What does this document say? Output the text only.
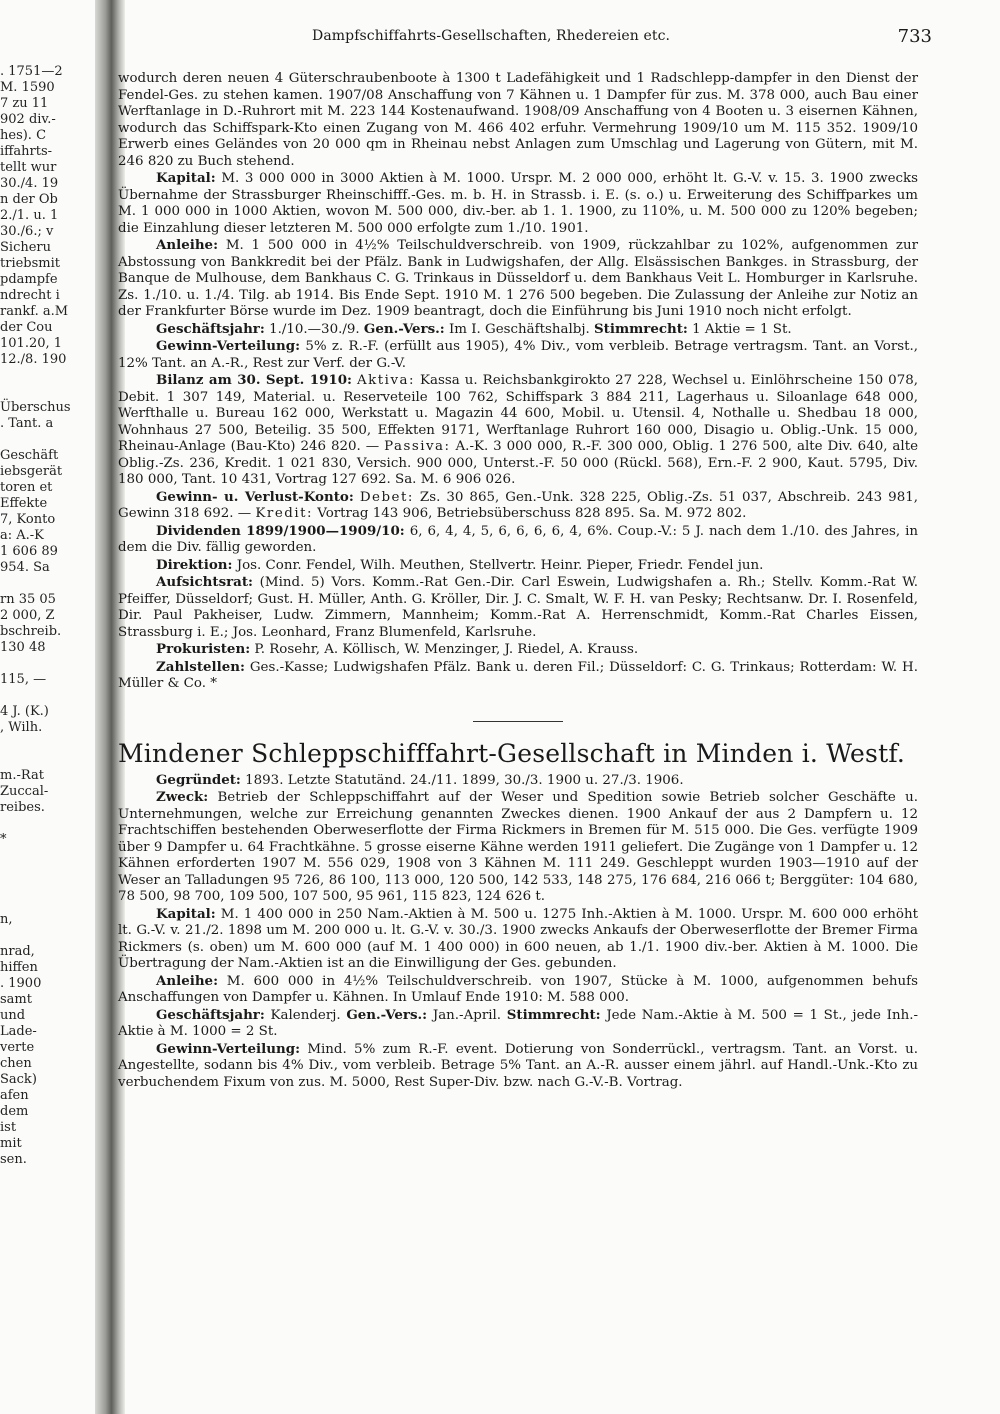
. 1751—2
M. 1590
7 zu 11
902 div.-
hes). C
iffahrts-
tellt wur
30./4. 19
n der Ob
2./1. u. 1
30./6.; v
Sicheru
triebsmit
pdampfe
ndrecht i
rankf. a.M
der Cou
101.20, 1
12./8. 190
Überschus
. Tant. a
Geschäft
iebsgerät
toren et
Effekte
7, Konto
a: A.-K
1 606 89
954. Sa
rn 35 05
2 000, Z
bschreib.
130 48
115, —
4 J. (K.)
, Wilh.
m.-Rat
Zuccal-
reibes.
*
n,
nrad,
hiffen
. 1900
samt
und
Lade-
verte
chen
Sack)
afen
dem
ist
mit
sen.
Dampfschiffahrts-Gesellschaften, Rhedereien etc.	733

wodurch deren neuen 4 Güterschraubenboote à 1300 t Ladefähigkeit und 1 Radschlepp-dampfer in den Dienst der Fendel-Ges. zu stehen kamen. 1907/08 Anschaffung von 7 Kähnen u. 1 Dampfer für zus. M. 378 000, auch Bau einer Werftanlage in D.-Ruhrort mit M. 223 144 Kostenaufwand. 1908/09 Anschaffung von 4 Booten u. 3 eisernen Kähnen, wodurch das Schiffspark-Kto einen Zugang von M. 466 402 erfuhr. Vermehrung 1909/10 um M. 115 352. 1909/10 Erwerb eines Geländes von 20 000 qm in Rheinau nebst Anlagen zum Umschlag und Lagerung von Gütern, mit M. 246 820 zu Buch stehend.

Kapital: M. 3 000 000 in 3000 Aktien à M. 1000. Urspr. M. 2 000 000, erhöht lt. G.-V. v. 15. 3. 1900 zwecks Übernahme der Strassburger Rheinschifff.-Ges. m. b. H. in Strassb. i. E. (s. o.) u. Erweiterung des Schiffparkes um M. 1 000 000 in 1000 Aktien, wovon M. 500 000, div.-ber. ab 1. 1. 1900, zu 110%, u. M. 500 000 zu 120% begeben; die Einzahlung dieser letzteren M. 500 000 erfolgte zum 1./10. 1901.

Anleihe: M. 1 500 000 in 4½% Teilschuldverschreib. von 1909, rückzahlbar zu 102%, aufgenommen zur Abstossung von Bankkredit bei der Pfälz. Bank in Ludwigshafen, der Allg. Elsässischen Bankges. in Strassburg, der Banque de Mulhouse, dem Bankhaus C. G. Trinkaus in Düsseldorf u. dem Bankhaus Veit L. Homburger in Karlsruhe. Zs. 1./10. u. 1./4. Tilg. ab 1914. Bis Ende Sept. 1910 M. 1 276 500 begeben. Die Zulassung der Anleihe zur Notiz an der Frankfurter Börse wurde im Dez. 1909 beantragt, doch die Einführung bis Juni 1910 noch nicht erfolgt.

Geschäftsjahr: 1./10.—30./9. Gen.-Vers.: Im I. Geschäftshalbj. Stimmrecht: 1 Aktie = 1 St.

Gewinn-Verteilung: 5% z. R.-F. (erfüllt aus 1905), 4% Div., vom verbleib. Betrage vertragsm. Tant. an Vorst., 12% Tant. an A.-R., Rest zur Verf. der G.-V.

Bilanz am 30. Sept. 1910: Aktiva: Kassa u. Reichsbankgirokto 27 228, Wechsel u. Einlöhrscheine 150 078, Debit. 1 307 149, Material. u. Reserveteile 100 762, Schiffspark 3 884 211, Lagerhaus u. Siloanlage 648 000, Werfthalle u. Bureau 162 000, Werkstatt u. Magazin 44 600, Mobil. u. Utensil. 4, Nothalle u. Shedbau 18 000, Wohnhaus 27 500, Beteilig. 35 500, Effekten 9171, Werftanlage Ruhrort 160 000, Disagio u. Oblig.-Unk. 15 000, Rheinau-Anlage (Bau-Kto) 246 820. — Passiva: A.-K. 3 000 000, R.-F. 300 000, Oblig. 1 276 500, alte Div. 640, alte Oblig.-Zs. 236, Kredit. 1 021 830, Versich. 900 000, Unterst.-F. 50 000 (Rückl. 568), Ern.-F. 2 900, Kaut. 5795, Div. 180 000, Tant. 10 431, Vortrag 127 692. Sa. M. 6 906 026.

Gewinn- u. Verlust-Konto: Debet: Zs. 30 865, Gen.-Unk. 328 225, Oblig.-Zs. 51 037, Abschreib. 243 981, Gewinn 318 692. — Kredit: Vortrag 143 906, Betriebsüberschuss 828 895. Sa. M. 972 802.

Dividenden 1899/1900—1909/10: 6, 6, 4, 4, 5, 6, 6, 6, 6, 4, 6%. Coup.-V.: 5 J. nach dem 1./10. des Jahres, in dem die Div. fällig geworden.

Direktion: Jos. Conr. Fendel, Wilh. Meuthen, Stellvertr. Heinr. Pieper, Friedr. Fendel jun.

Aufsichtsrat: (Mind. 5) Vors. Komm.-Rat Gen.-Dir. Carl Eswein, Ludwigshafen a. Rh.; Stellv. Komm.-Rat W. Pfeiffer, Düsseldorf; Gust. H. Müller, Anth. G. Kröller, Dir. J. C. Smalt, W. F. H. van Pesky; Rechtsanw. Dr. I. Rosenfeld, Dir. Paul Pakheiser, Ludw. Zimmern, Mannheim; Komm.-Rat A. Herrenschmidt, Komm.-Rat Charles Eissen, Strassburg i. E.; Jos. Leonhard, Franz Blumenfeld, Karlsruhe.

Prokuristen: P. Rosehr, A. Köllisch, W. Menzinger, J. Riedel, A. Krauss.

Zahlstellen: Ges.-Kasse; Ludwigshafen Pfälz. Bank u. deren Fil.; Düsseldorf: C. G. Trinkaus; Rotterdam: W. H. Müller & Co. *

Mindener Schleppschifffahrt-Gesellschaft in Minden i. Westf.

Gegründet: 1893. Letzte Statutänd. 24./11. 1899, 30./3. 1900 u. 27./3. 1906.

Zweck: Betrieb der Schleppschiffahrt auf der Weser und Spedition sowie Betrieb solcher Geschäfte u. Unternehmungen, welche zur Erreichung genannten Zweckes dienen. 1900 Ankauf der aus 2 Dampfern u. 12 Frachtschiffen bestehenden Oberweserflotte der Firma Rickmers in Bremen für M. 515 000. Die Ges. verfügte 1909 über 9 Dampfer u. 64 Frachtkähne. 5 grosse eiserne Kähne werden 1911 geliefert. Die Zugänge von 1 Dampfer u. 12 Kähnen erforderten 1907 M. 556 029, 1908 von 3 Kähnen M. 111 249. Geschleppt wurden 1903—1910 auf der Weser an Talladungen 95 726, 86 100, 113 000, 120 500, 142 533, 148 275, 176 684, 216 066 t; Berggüter: 104 680, 78 500, 98 700, 109 500, 107 500, 95 961, 115 823, 124 626 t.

Kapital: M. 1 400 000 in 250 Nam.-Aktien à M. 500 u. 1275 Inh.-Aktien à M. 1000. Urspr. M. 600 000 erhöht lt. G.-V. v. 21./2. 1898 um M. 200 000 u. lt. G.-V. v. 30./3. 1900 zwecks Ankaufs der Oberweserflotte der Bremer Firma Rickmers (s. oben) um M. 600 000 (auf M. 1 400 000) in 600 neuen, ab 1./1. 1900 div.-ber. Aktien à M. 1000. Die Übertragung der Nam.-Aktien ist an die Einwilligung der Ges. gebunden.

Anleihe: M. 600 000 in 4½% Teilschuldverschreib. von 1907, Stücke à M. 1000, aufgenommen behufs Anschaffungen von Dampfer u. Kähnen. In Umlauf Ende 1910: M. 588 000.

Geschäftsjahr: Kalenderj. Gen.-Vers.: Jan.-April. Stimmrecht: Jede Nam.-Aktie à M. 500 = 1 St., jede Inh.-Aktie à M. 1000 = 2 St.

Gewinn-Verteilung: Mind. 5% zum R.-F. event. Dotierung von Sonderrückl., vertragsm. Tant. an Vorst. u. Angestellte, sodann bis 4% Div., vom verbleib. Betrage 5% Tant. an A.-R. ausser einem jährl. auf Handl.-Unk.-Kto zu verbuchendem Fixum von zus. M. 5000, Rest Super-Div. bzw. nach G.-V.-B. Vortrag.
